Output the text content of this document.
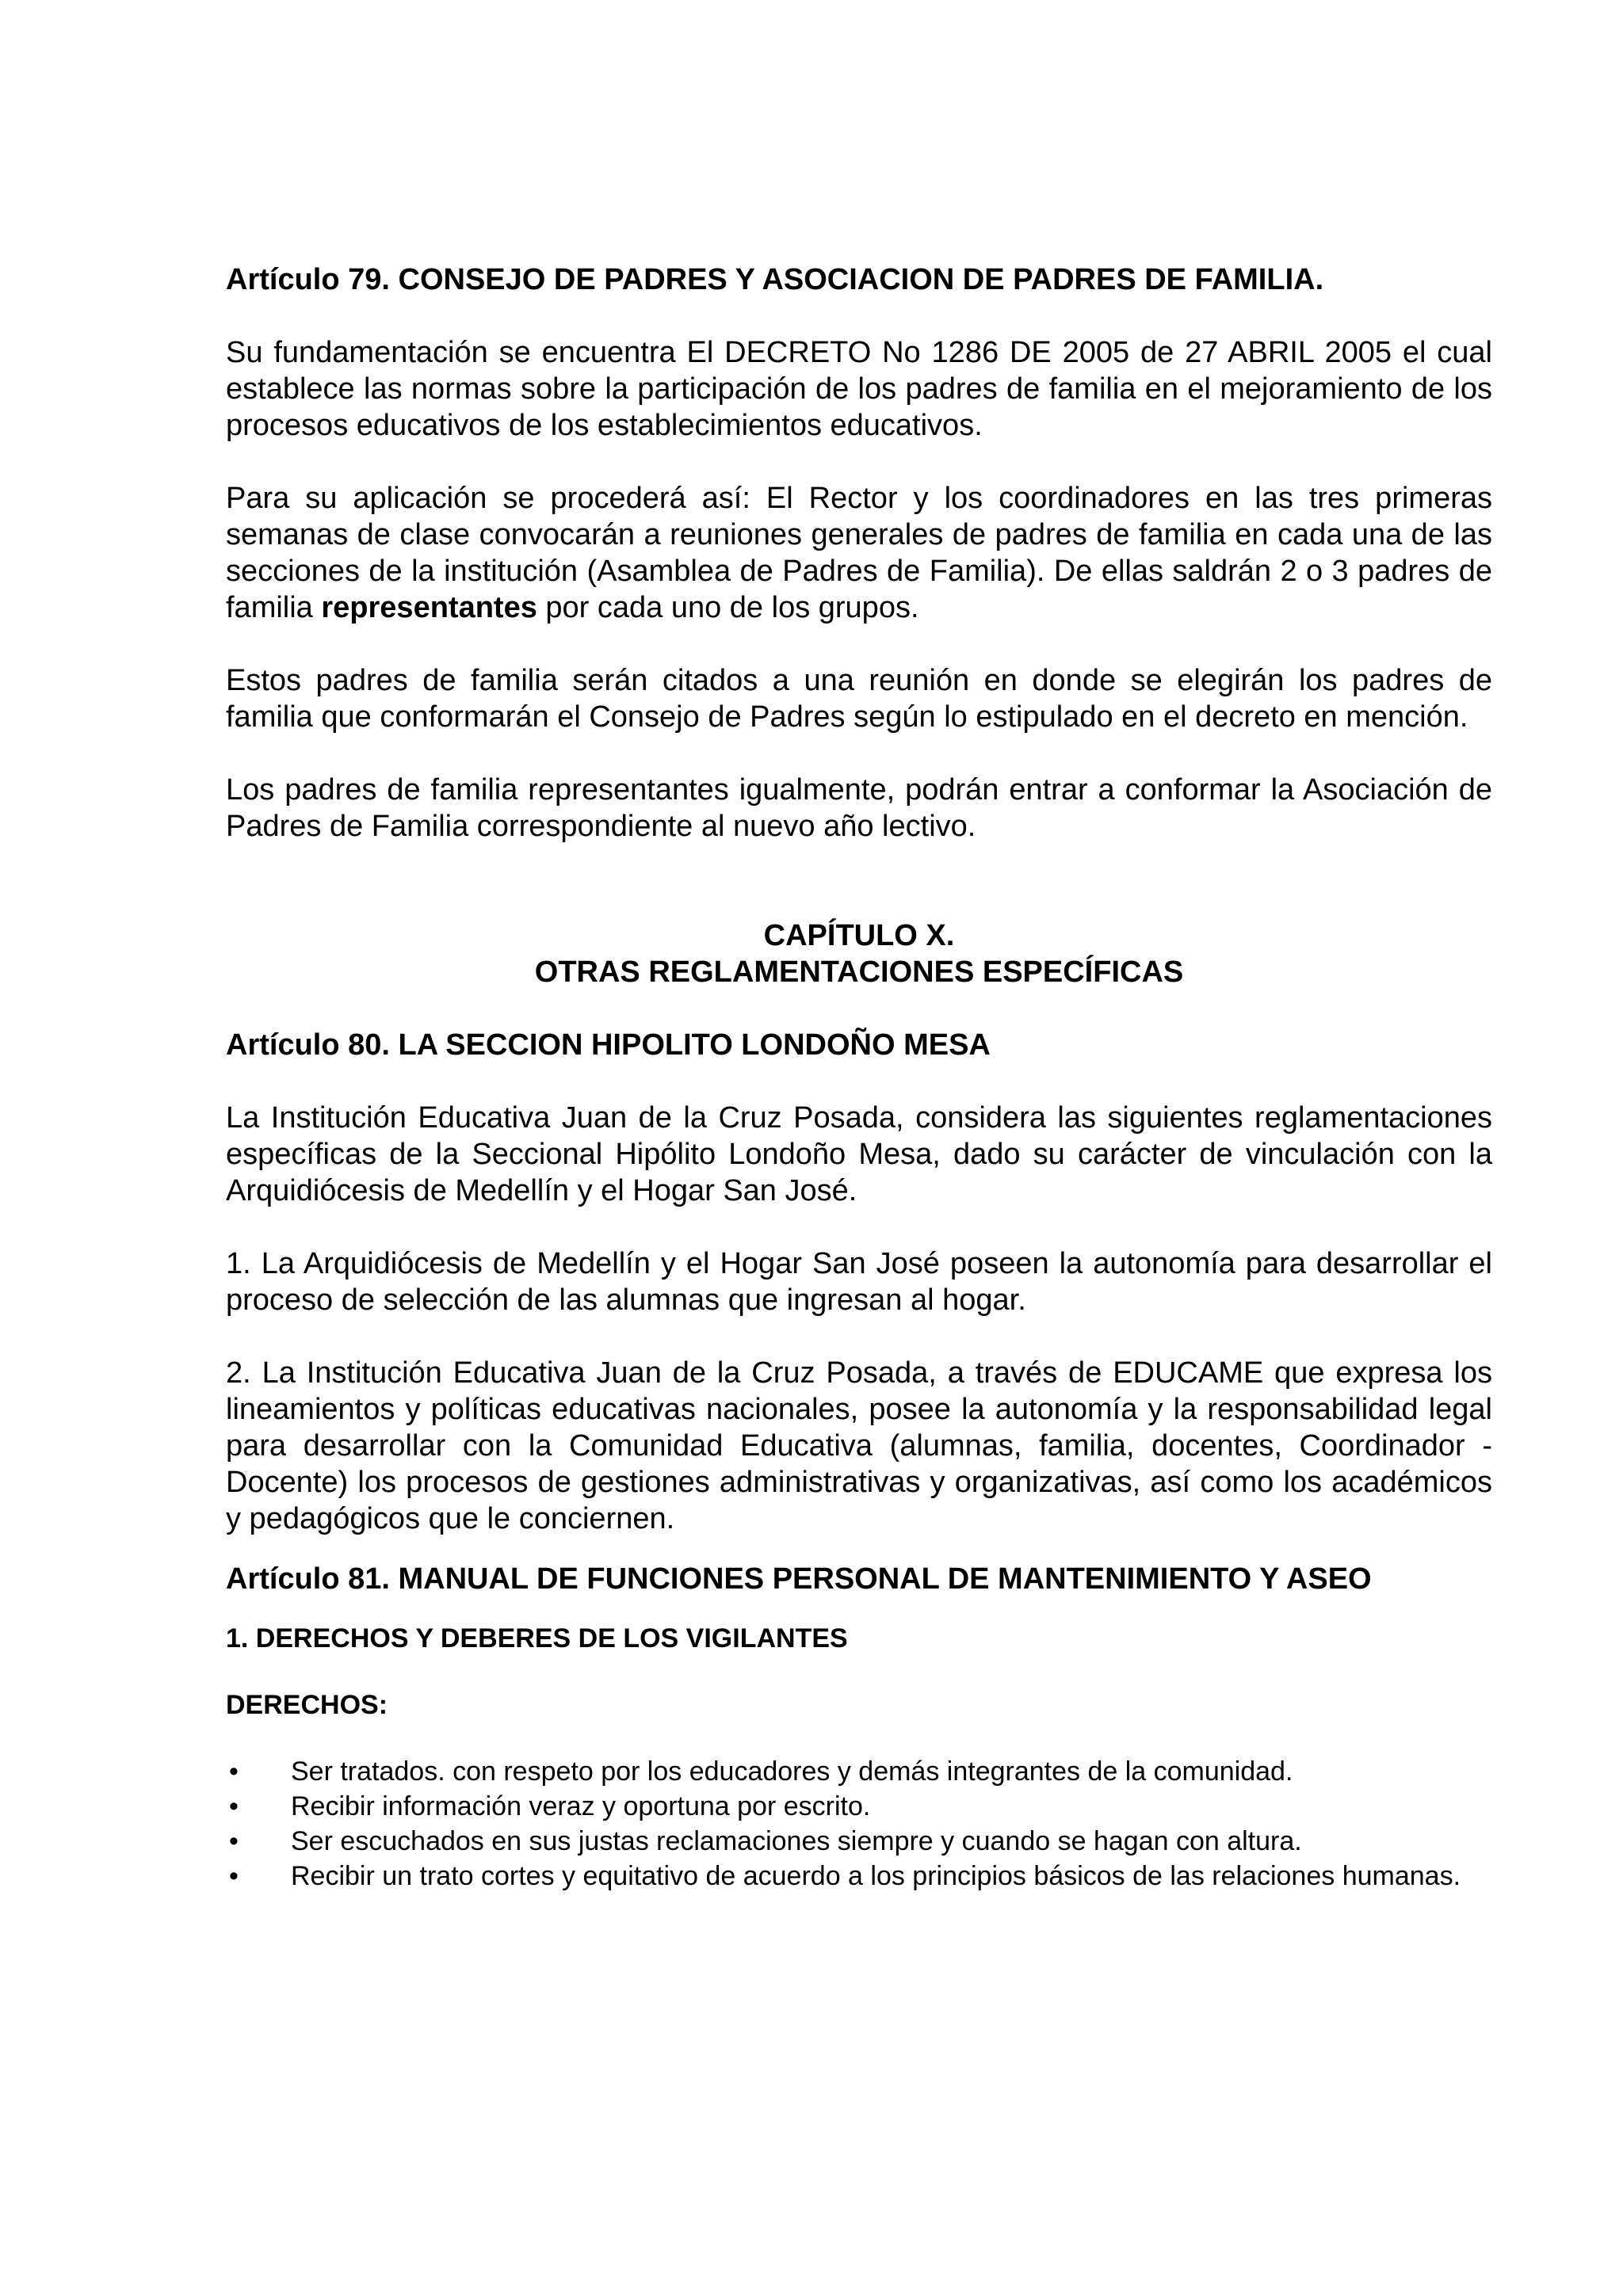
Artículo 79. CONSEJO DE PADRES Y ASOCIACION DE PADRES DE FAMILIA.

Su fundamentación se encuentra El DECRETO No 1286 DE 2005 de 27 ABRIL 2005 el cual establece las normas sobre la participación de los padres de familia en el mejoramiento de los procesos educativos de los establecimientos educativos.

Para su aplicación se procederá así: El Rector y los coordinadores en las tres primeras semanas de clase convocarán a reuniones generales de padres de familia en cada una de las secciones de la institución (Asamblea de Padres de Familia). De ellas saldrán 2 o 3 padres de familia representantes por cada uno de los grupos.

Estos padres de familia serán citados a una reunión en donde se elegirán los padres de familia que conformarán el Consejo de Padres según lo estipulado en el decreto en mención.

Los padres de familia representantes igualmente, podrán entrar a conformar la Asociación de Padres de Familia correspondiente al nuevo año lectivo.

CAPÍTULO X.
OTRAS REGLAMENTACIONES ESPECÍFICAS
Artículo 80. LA SECCION HIPOLITO LONDOÑO MESA

La Institución Educativa Juan de la Cruz Posada, considera las siguientes reglamentaciones específicas de la Seccional Hipólito Londoño Mesa, dado su carácter de vinculación con la Arquidiócesis de Medellín y el Hogar San José.

1. La Arquidiócesis de Medellín y el Hogar San José poseen la autonomía para desarrollar el proceso de selección de las alumnas que ingresan al hogar.

2. La Institución Educativa Juan de la Cruz Posada, a través de EDUCAME que expresa los lineamientos y políticas educativas nacionales, posee la autonomía y la responsabilidad legal para desarrollar con la Comunidad Educativa (alumnas, familia, docentes, Coordinador -Docente) los procesos de gestiones administrativas y organizativas, así como los académicos y pedagógicos que le conciernen.

Artículo 81. MANUAL DE FUNCIONES PERSONAL DE MANTENIMIENTO Y ASEO
1. DERECHOS Y DEBERES DE LOS VIGILANTES
DERECHOS:
• Ser tratados. con respeto por los educadores y demás integrantes de la comunidad.
• Recibir información veraz y oportuna por escrito.
• Ser escuchados en sus justas reclamaciones siempre y cuando se hagan con altura.
• Recibir un trato cortes y equitativo de acuerdo a los principios básicos de las relaciones humanas.
